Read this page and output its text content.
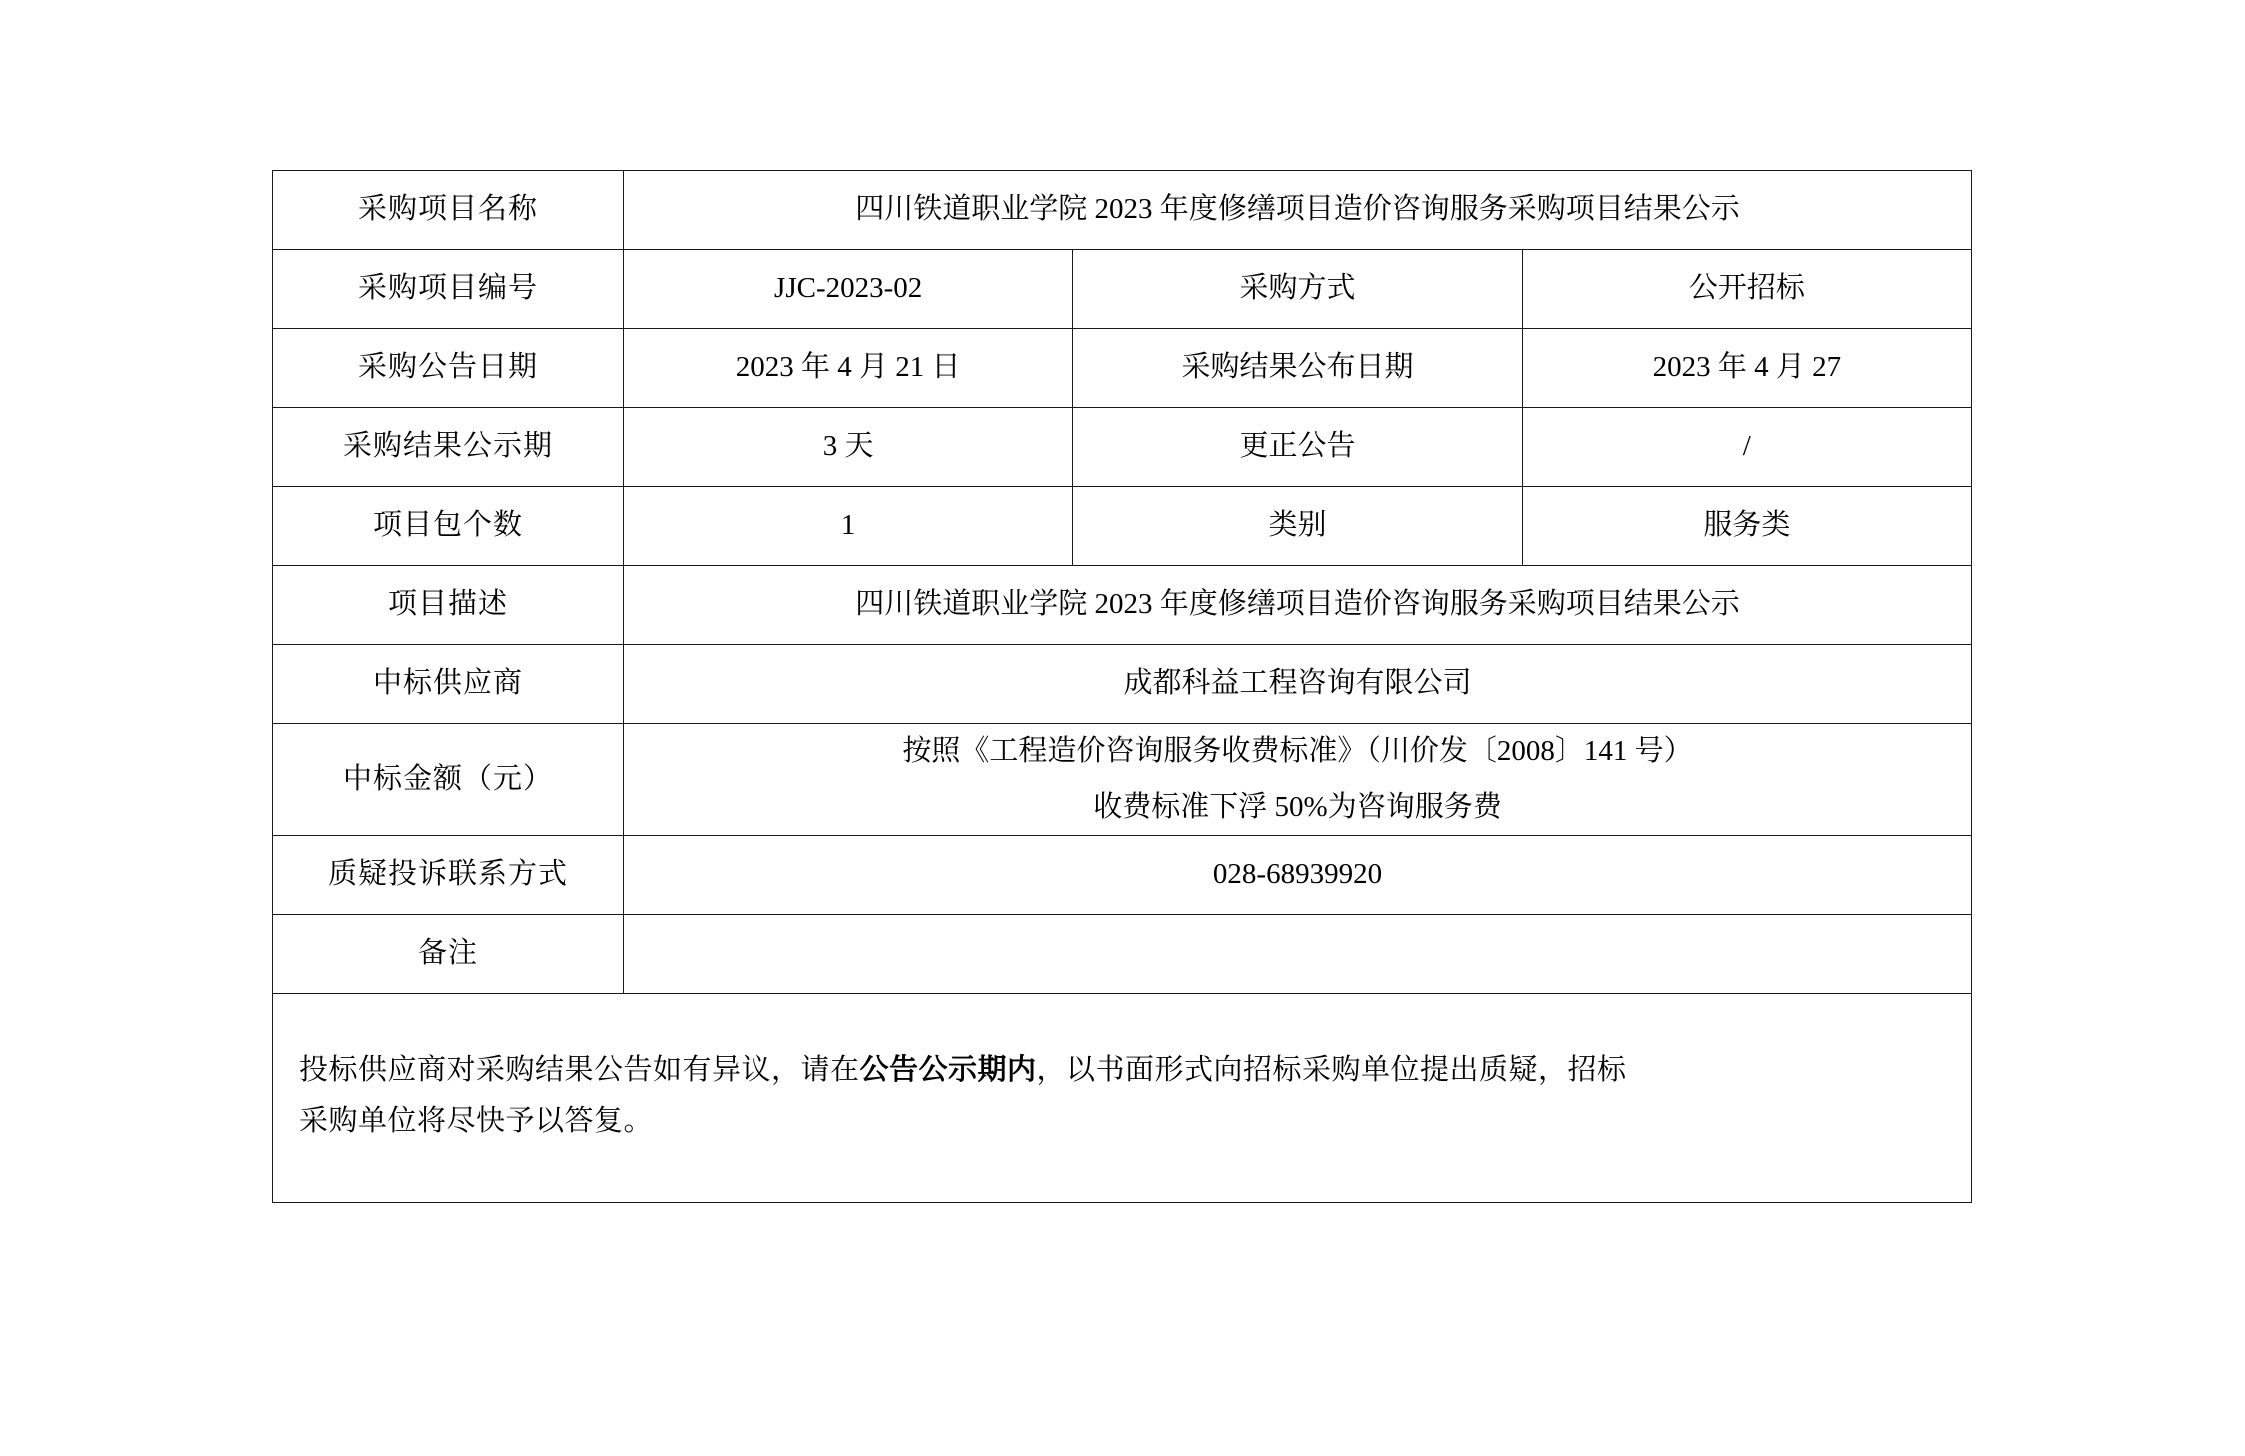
采购项目名称	四川铁道职业学院 2023 年度修缮项目造价咨询服务采购项目结果公示		
采购项目编号	JJC-2023-02	采购方式	公开招标
采购公告日期	2023 年 4 月 21 日	采购结果公布日期	2023 年 4 月 27
采购结果公示期	3 天	更正公告	/
项目包个数	1	类别	服务类
项目描述	四川铁道职业学院 2023 年度修缮项目造价咨询服务采购项目结果公示		
中标供应商	成都科益工程咨询有限公司		
中标金额（元）	按照《工程造价咨询服务收费标准》（川价发〔2008〕141 号）
收费标准下浮 50%为咨询服务费		

质疑投诉联系方式	028-68939920		
备注			
投标供应商对采购结果公告如有异议，请在公告公示期内，以书面形式向招标采购单位提出质疑，招标
采购单位将尽快予以答复。			
